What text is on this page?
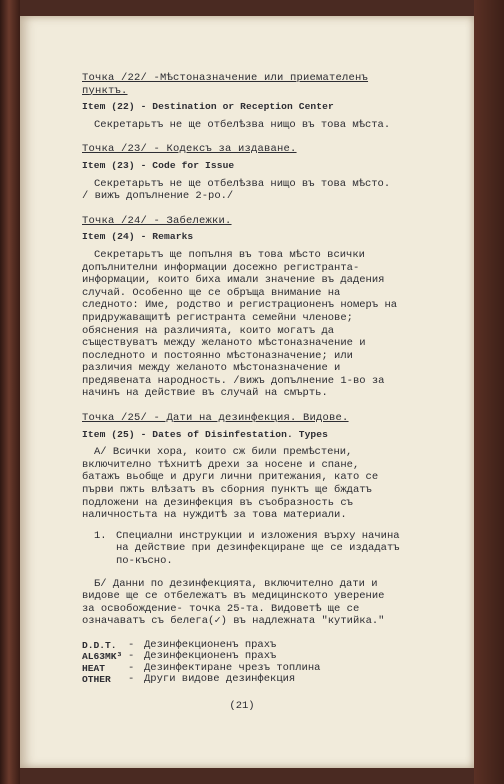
Точка /22/ -Мѣстоназначение или приемателенъ пунктъ.

Item (22) - Destination or Reception Center

Секретарьтъ не ще отбелѣзва нищо въ това мѣста.

Точка /23/ - Кодексъ за издаване.

Item (23) - Code for Issue

Секретарьтъ не ще отбелѣзва нищо въ това мѣсто. / вижъ допълнение 2-ро./

Точка /24/ - Забележки.

Item (24) - Remarks

Секретарьтъ ще попълня въ това мѣсто всички допълнителни информации досежно регистранта- информации, които биха имали значение въ дадения случай. Особенно ще се обръща внимание на следното: Име, родство и регистрационенъ номеръ на придружаващитѣ регистранта семейни членове; обяснения на различията, които могатъ да съществуватъ между желаното мѣстоназначение и последното и постоянно мѣстоназначение; или различия между желаното мѣстоназначение и предявената народность. /вижъ допълнение 1-во за начинъ на действие въ случай на смърть.

Точка /25/ - Дати на дезинфекция. Видове.

Item (25) - Dates of Disinfestation. Types

А/ Всички хора, които сж били премѣстени, включително тѣхнитѣ дрехи за носене и спане, батажъ вьобще и други лични притежания, като се първи пжть влѣзатъ въ сборния пунктъ ще бждатъ подложени на дезинфекция въ съобразность съ наличностьта на нуждитѣ за това материали.

1. Специални инструкции и изложения върху начина на действие при дезинфекциране ще се издадатъ по-късно.

Б/ Данни по дезинфекцията, включително дати и видове ще се отбележатъ въ медицинското уверение за освобождение- точка 25-та. Видоветѣ ще се означаватъ съ белега(✓) въ надлежната "кутийка."

D.D.T.	- Дезинфекционенъ прахъ
AL63MK³ - Дезинфекционенъ прахъ
HEAT	- Дезинфектиране чрезъ топлина
OTHER	- Други видове дезинфекция
(21)
